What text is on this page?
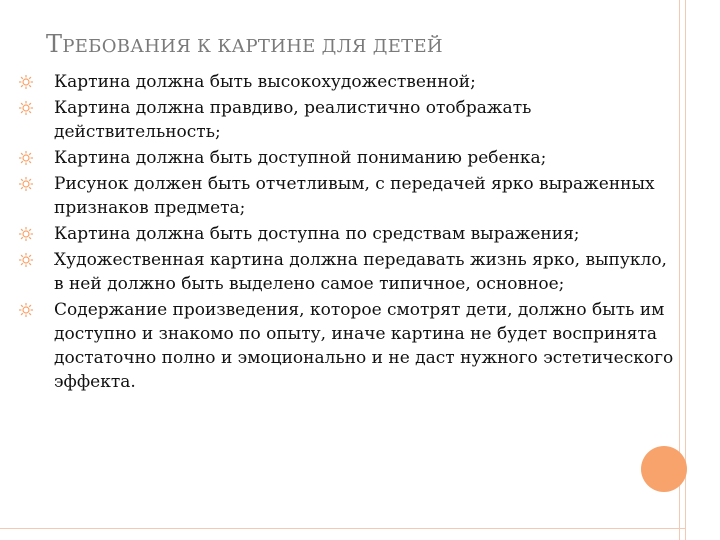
ТРЕБОВАНИЯ К КАРТИНЕ ДЛЯ ДЕТЕЙ
Картина должна быть высокохудожественной;
Картина должна правдиво, реалистично отображать действительность;
Картина должна быть доступной пониманию ребенка;
Рисунок должен быть отчетливым, с передачей ярко выраженных признаков предмета;
Картина должна быть доступна по средствам выражения;
Художественная картина должна передавать жизнь ярко, выпукло, в ней должно быть выделено самое типичное, основное;
Содержание произведения, которое смотрят дети, должно быть им доступно и знакомо по опыту, иначе картина не будет воспринята достаточно полно и эмоционально и не даст нужного эстетического эффекта.
